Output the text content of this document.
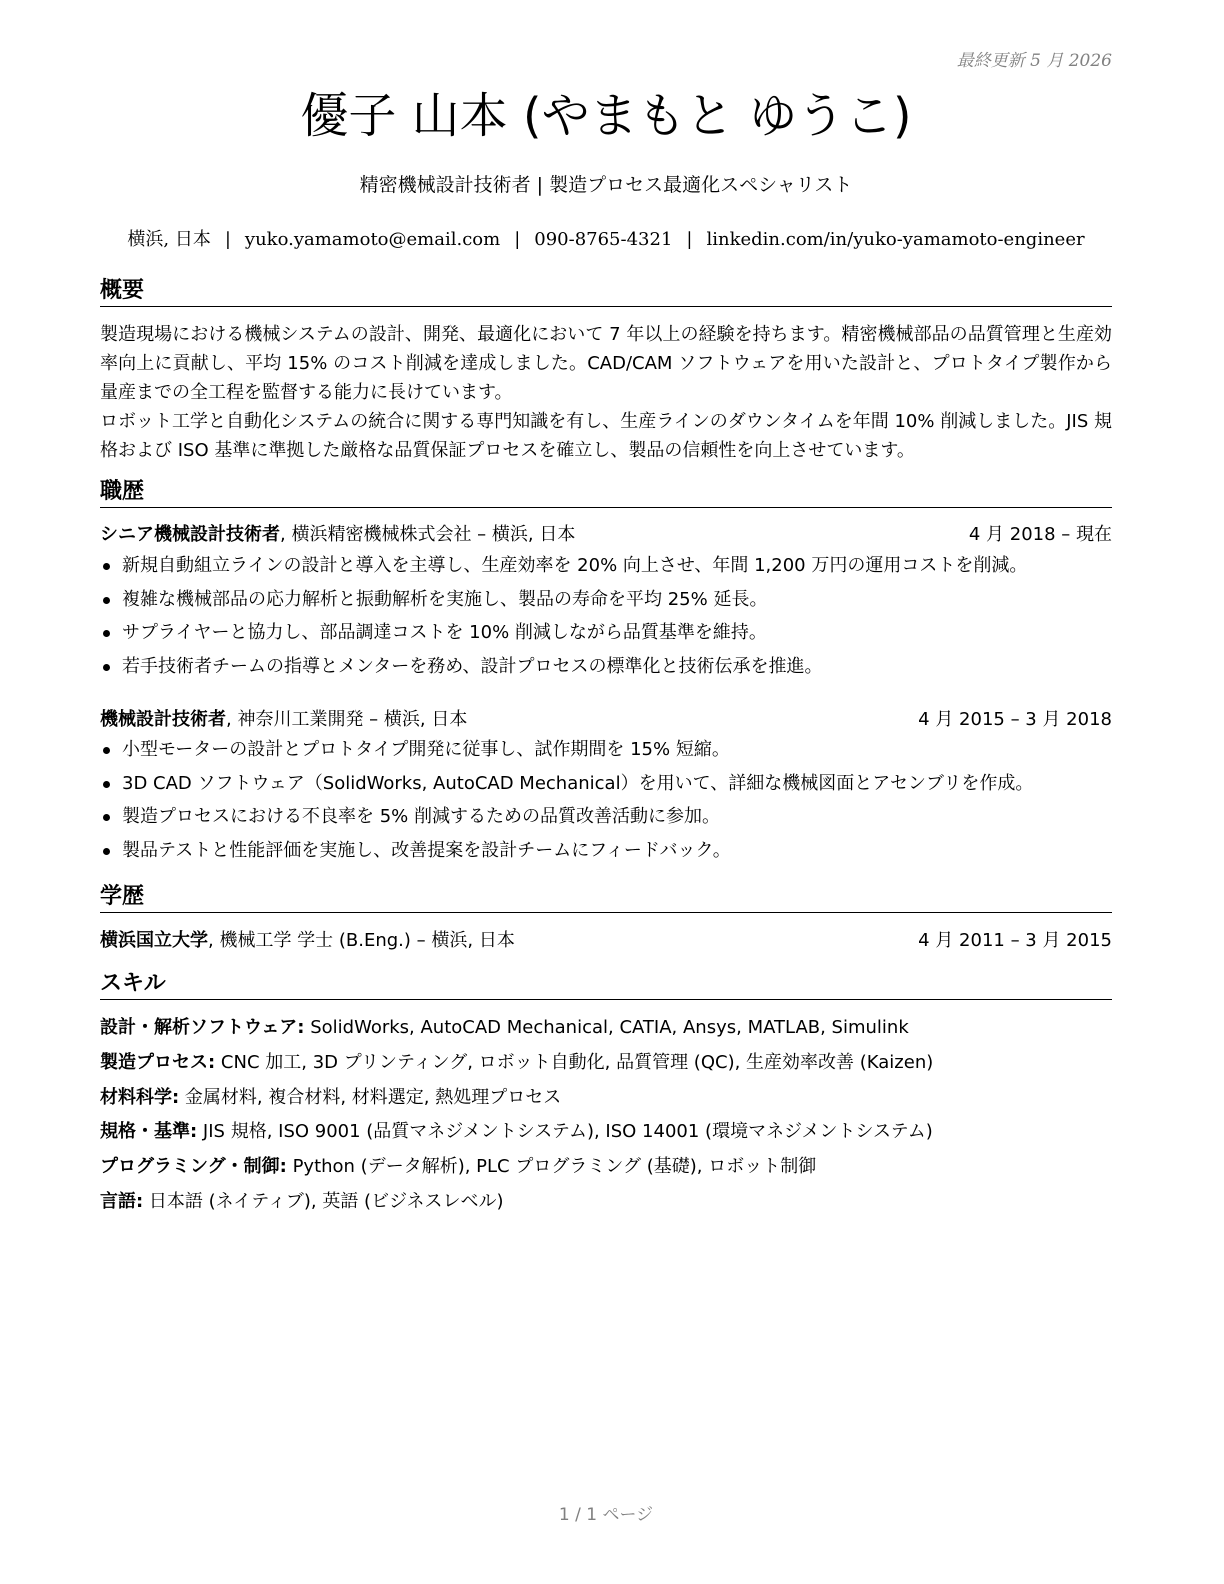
最終更新 5 月 2026
優子 山本 (やまもと ゆうこ)
精密機械設計技術者 | 製造プロセス最適化スペシャリスト
横浜, 日本 | yuko.yamamoto@email.com | 090-8765-4321 | linkedin.com/in/yuko-yamamoto-engineer
概要
製造現場における機械システムの設計、開発、最適化において 7 年以上の経験を持ちます。精密機械部品の品質管理と生産効率向上に貢献し、平均 15% のコスト削減を達成しました。CAD/CAM ソフトウェアを用いた設計と、プロトタイプ製作から量産までの全工程を監督する能力に長けています。
ロボット工学と自動化システムの統合に関する専門知識を有し、生産ラインのダウンタイムを年間 10% 削減しました。JIS 規格および ISO 基準に準拠した厳格な品質保証プロセスを確立し、製品の信頼性を向上させています。
職歴
シニア機械設計技術者, 横浜精密機械株式会社 – 横浜, 日本	4 月 2018 – 現在
新規自動組立ラインの設計と導入を主導し、生産効率を 20% 向上させ、年間 1,200 万円の運用コストを削減。
複雑な機械部品の応力解析と振動解析を実施し、製品の寿命を平均 25% 延長。
サプライヤーと協力し、部品調達コストを 10% 削減しながら品質基準を維持。
若手技術者チームの指導とメンターを務め、設計プロセスの標準化と技術伝承を推進。
機械設計技術者, 神奈川工業開発 – 横浜, 日本	4 月 2015 – 3 月 2018
小型モーターの設計とプロトタイプ開発に従事し、試作期間を 15% 短縮。
3D CAD ソフトウェア（SolidWorks, AutoCAD Mechanical）を用いて、詳細な機械図面とアセンブリを作成。
製造プロセスにおける不良率を 5% 削減するための品質改善活動に参加。
製品テストと性能評価を実施し、改善提案を設計チームにフィードバック。
学歴
横浜国立大学, 機械工学 学士 (B.Eng.) – 横浜, 日本	4 月 2011 – 3 月 2015
スキル
設計・解析ソフトウェア: SolidWorks, AutoCAD Mechanical, CATIA, Ansys, MATLAB, Simulink
製造プロセス: CNC 加工, 3D プリンティング, ロボット自動化, 品質管理 (QC), 生産効率改善 (Kaizen)
材料科学: 金属材料, 複合材料, 材料選定, 熱処理プロセス
規格・基準: JIS 規格, ISO 9001 (品質マネジメントシステム), ISO 14001 (環境マネジメントシステム)
プログラミング・制御: Python (データ解析), PLC プログラミング (基礎), ロボット制御
言語: 日本語 (ネイティブ), 英語 (ビジネスレベル)
1 / 1 ページ
